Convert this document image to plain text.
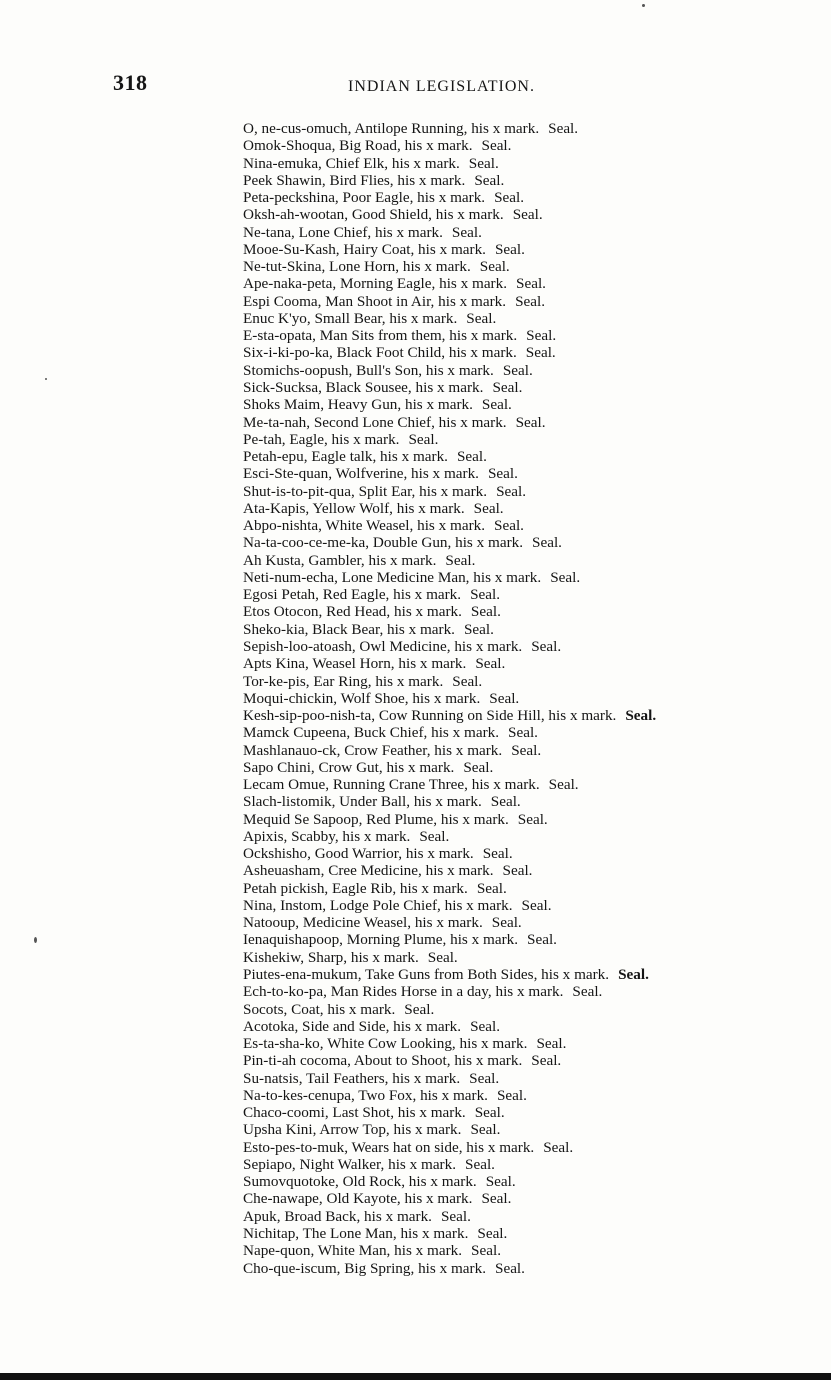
318	INDIAN LEGISLATION.
O, ne-cus-omuch, Antilope Running, his x mark. Seal.
Omok-Shoqua, Big Road, his x mark. Seal.
Nina-emuka, Chief Elk, his x mark. Seal.
Peek Shawin, Bird Flies, his x mark. Seal.
Peta-peckshina, Poor Eagle, his x mark. Seal.
Oksh-ah-wootan, Good Shield, his x mark. Seal.
Ne-tana, Lone Chief, his x mark. Seal.
Mooe-Su-Kash, Hairy Coat, his x mark. Seal.
Ne-tut-Skina, Lone Horn, his x mark. Seal.
Ape-naka-peta, Morning Eagle, his x mark. Seal.
Espi Cooma, Man Shoot in Air, his x mark. Seal.
Enuc K'yo, Small Bear, his x mark. Seal.
E-sta-opata, Man Sits from them, his x mark. Seal.
Six-i-ki-po-ka, Black Foot Child, his x mark. Seal.
Stomichs-oopush, Bull's Son, his x mark. Seal.
Sick-Sucksa, Black Sousee, his x mark. Seal.
Shoks Maim, Heavy Gun, his x mark. Seal.
Me-ta-nah, Second Lone Chief, his x mark. Seal.
Pe-tah, Eagle, his x mark. Seal.
Petah-epu, Eagle talk, his x mark. Seal.
Esci-Ste-quan, Wolfverine, his x mark. Seal.
Shut-is-to-pit-qua, Split Ear, his x mark. Seal.
Ata-Kapis, Yellow Wolf, his x mark. Seal.
Abpo-nishta, White Weasel, his x mark. Seal.
Na-ta-coo-ce-me-ka, Double Gun, his x mark. Seal.
Ah Kusta, Gambler, his x mark. Seal.
Neti-num-echa, Lone Medicine Man, his x mark. Seal.
Egosi Petah, Red Eagle, his x mark. Seal.
Etos Otocon, Red Head, his x mark. Seal.
Sheko-kia, Black Bear, his x mark. Seal.
Sepish-loo-atoash, Owl Medicine, his x mark. Seal.
Apts Kina, Weasel Horn, his x mark. Seal.
Tor-ke-pis, Ear Ring, his x mark. Seal.
Moqui-chickin, Wolf Shoe, his x mark. Seal.
Kesh-sip-poo-nish-ta, Cow Running on Side Hill, his x mark. Seal.
Mamck Cupeena, Buck Chief, his x mark. Seal.
Mashlanauo-ck, Crow Feather, his x mark. Seal.
Sapo Chini, Crow Gut, his x mark. Seal.
Lecam Omue, Running Crane Three, his x mark. Seal.
Slach-listomik, Under Ball, his x mark. Seal.
Mequid Se Sapoop, Red Plume, his x mark. Seal.
Apixis, Scabby, his x mark. Seal.
Ockshisho, Good Warrior, his x mark. Seal.
Asheuasham, Cree Medicine, his x mark. Seal.
Petah pickish, Eagle Rib, his x mark. Seal.
Nina, Instom, Lodge Pole Chief, his x mark. Seal.
Natooup, Medicine Weasel, his x mark. Seal.
Ienaquishapoop, Morning Plume, his x mark. Seal.
Kishekiw, Sharp, his x mark. Seal.
Piutes-ena-mukum, Take Guns from Both Sides, his x mark. Seal.
Ech-to-ko-pa, Man Rides Horse in a day, his x mark. Seal.
Socots, Coat, his x mark. Seal.
Acotoka, Side and Side, his x mark. Seal.
Es-ta-sha-ko, White Cow Looking, his x mark. Seal.
Pin-ti-ah cocoma, About to Shoot, his x mark. Seal.
Su-natsis, Tail Feathers, his x mark. Seal.
Na-to-kes-cenupa, Two Fox, his x mark. Seal.
Chaco-coomi, Last Shot, his x mark. Seal.
Upsha Kini, Arrow Top, his x mark. Seal.
Esto-pes-to-muk, Wears hat on side, his x mark. Seal.
Sepiapo, Night Walker, his x mark. Seal.
Sumovquotoke, Old Rock, his x mark. Seal.
Che-nawape, Old Kayote, his x mark. Seal.
Apuk, Broad Back, his x mark. Seal.
Nichitap, The Lone Man, his x mark. Seal.
Nape-quon, White Man, his x mark. Seal.
Cho-que-iscum, Big Spring, his x mark. Seal.
